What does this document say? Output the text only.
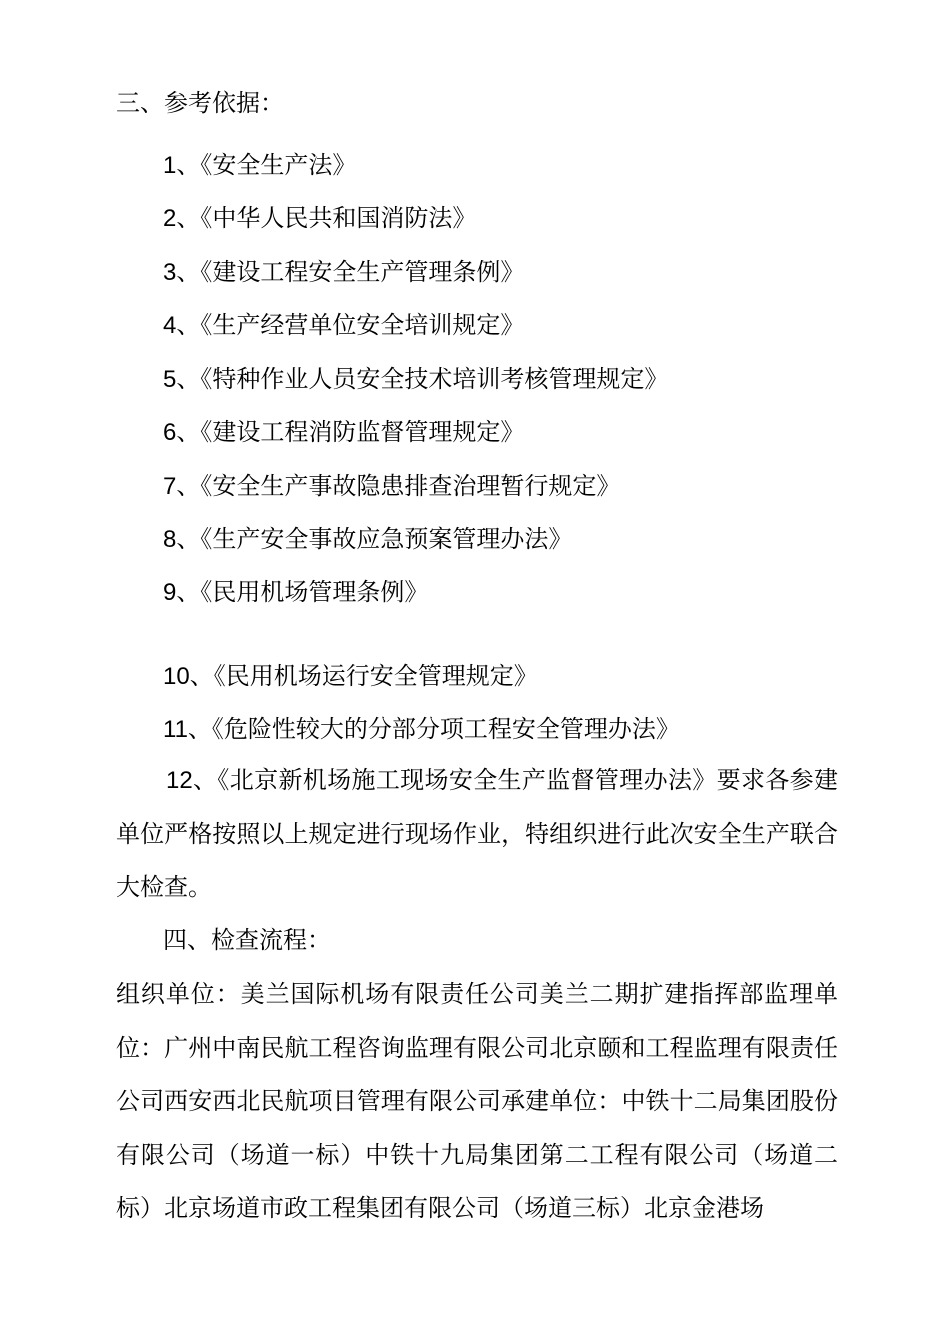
三、参考依据：
1、《安全生产法》
2、《中华人民共和国消防法》
3、《建设工程安全生产管理条例》
4、《生产经营单位安全培训规定》
5、《特种作业人员安全技术培训考核管理规定》
6、《建设工程消防监督管理规定》
7、《安全生产事故隐患排查治理暂行规定》
8、《生产安全事故应急预案管理办法》
9、《民用机场管理条例》
10、《民用机场运行安全管理规定》
11、《危险性较大的分部分项工程安全管理办法》
12、《北京新机场施工现场安全生产监督管理办法》要求各参建单位严格按照以上规定进行现场作业，特组织进行此次安全生产联合大检查。
四、检查流程：
组织单位：美兰国际机场有限责任公司美兰二期扩建指挥部监理单位：广州中南民航工程咨询监理有限公司北京颐和工程监理有限责任公司西安西北民航项目管理有限公司承建单位：中铁十二局集团股份有限公司（场道一标）中铁十九局集团第二工程有限公司（场道二标）北京场道市政工程集团有限公司（场道三标）北京金港场
